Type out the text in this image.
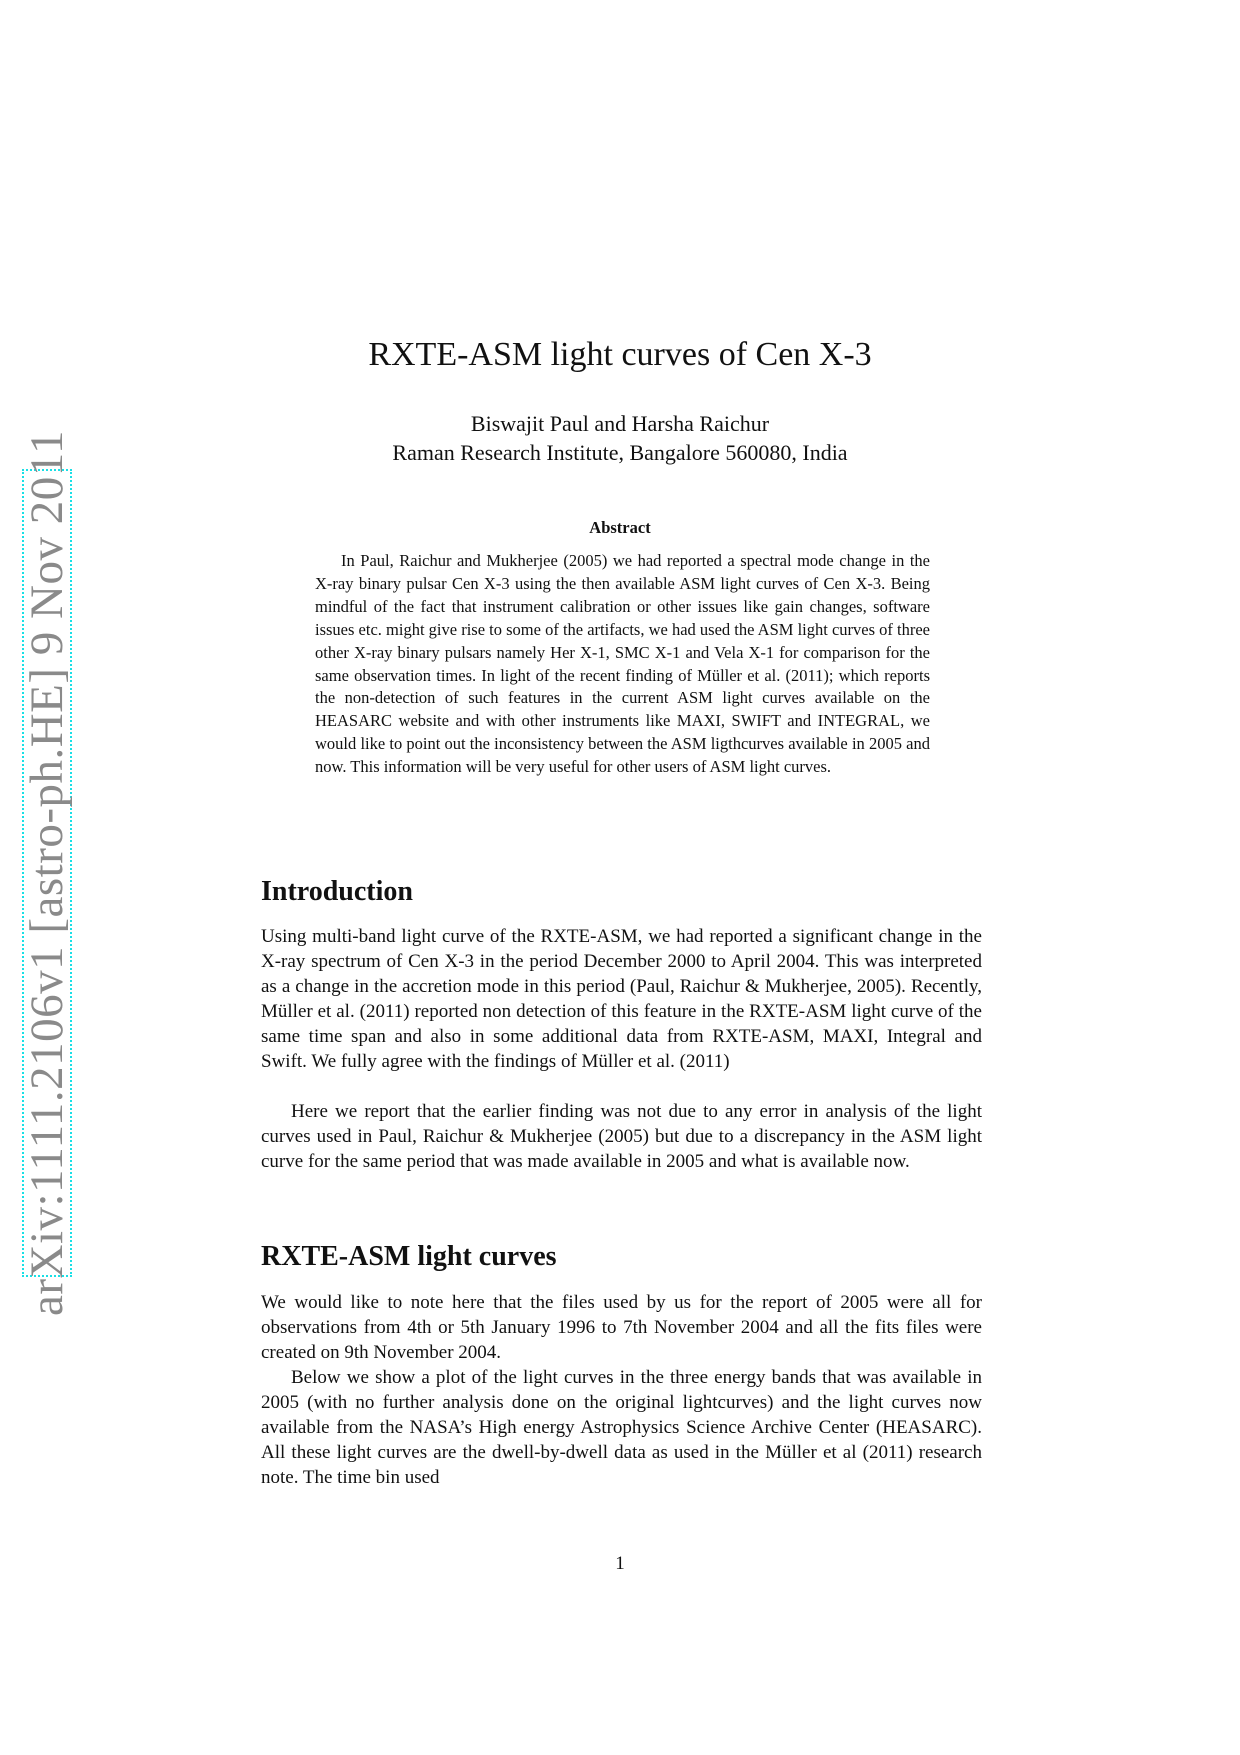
arXiv:1111.2106v1 [astro-ph.HE] 9 Nov 2011
RXTE-ASM light curves of Cen X-3
Biswajit Paul and Harsha Raichur
Raman Research Institute, Bangalore 560080, India
Abstract

In Paul, Raichur and Mukherjee (2005) we had reported a spectral mode change in the X-ray binary pulsar Cen X-3 using the then available ASM light curves of Cen X-3. Being mindful of the fact that instrument calibration or other issues like gain changes, software issues etc. might give rise to some of the artifacts, we had used the ASM light curves of three other X-ray binary pulsars namely Her X-1, SMC X-1 and Vela X-1 for comparison for the same observation times. In light of the recent finding of Müller et al. (2011); which reports the non-detection of such features in the current ASM light curves available on the HEASARC website and with other instruments like MAXI, SWIFT and INTEGRAL, we would like to point out the inconsistency between the ASM ligthcurves available in 2005 and now. This information will be very useful for other users of ASM light curves.

Introduction

Using multi-band light curve of the RXTE-ASM, we had reported a significant change in the X-ray spectrum of Cen X-3 in the period December 2000 to April 2004. This was interpreted as a change in the accretion mode in this period (Paul, Raichur & Mukherjee, 2005). Recently, Müller et al. (2011) reported non detection of this feature in the RXTE-ASM light curve of the same time span and also in some additional data from RXTE-ASM, MAXI, Integral and Swift. We fully agree with the findings of Müller et al. (2011)

Here we report that the earlier finding was not due to any error in analysis of the light curves used in Paul, Raichur & Mukherjee (2005) but due to a discrepancy in the ASM light curve for the same period that was made available in 2005 and what is available now.

RXTE-ASM light curves

We would like to note here that the files used by us for the report of 2005 were all for observations from 4th or 5th January 1996 to 7th November 2004 and all the fits files were created on 9th November 2004.

Below we show a plot of the light curves in the three energy bands that was available in 2005 (with no further analysis done on the original lightcurves) and the light curves now available from the NASA’s High energy Astrophysics Science Archive Center (HEASARC). All these light curves are the dwell-by-dwell data as used in the Müller et al (2011) research note. The time bin used

1
